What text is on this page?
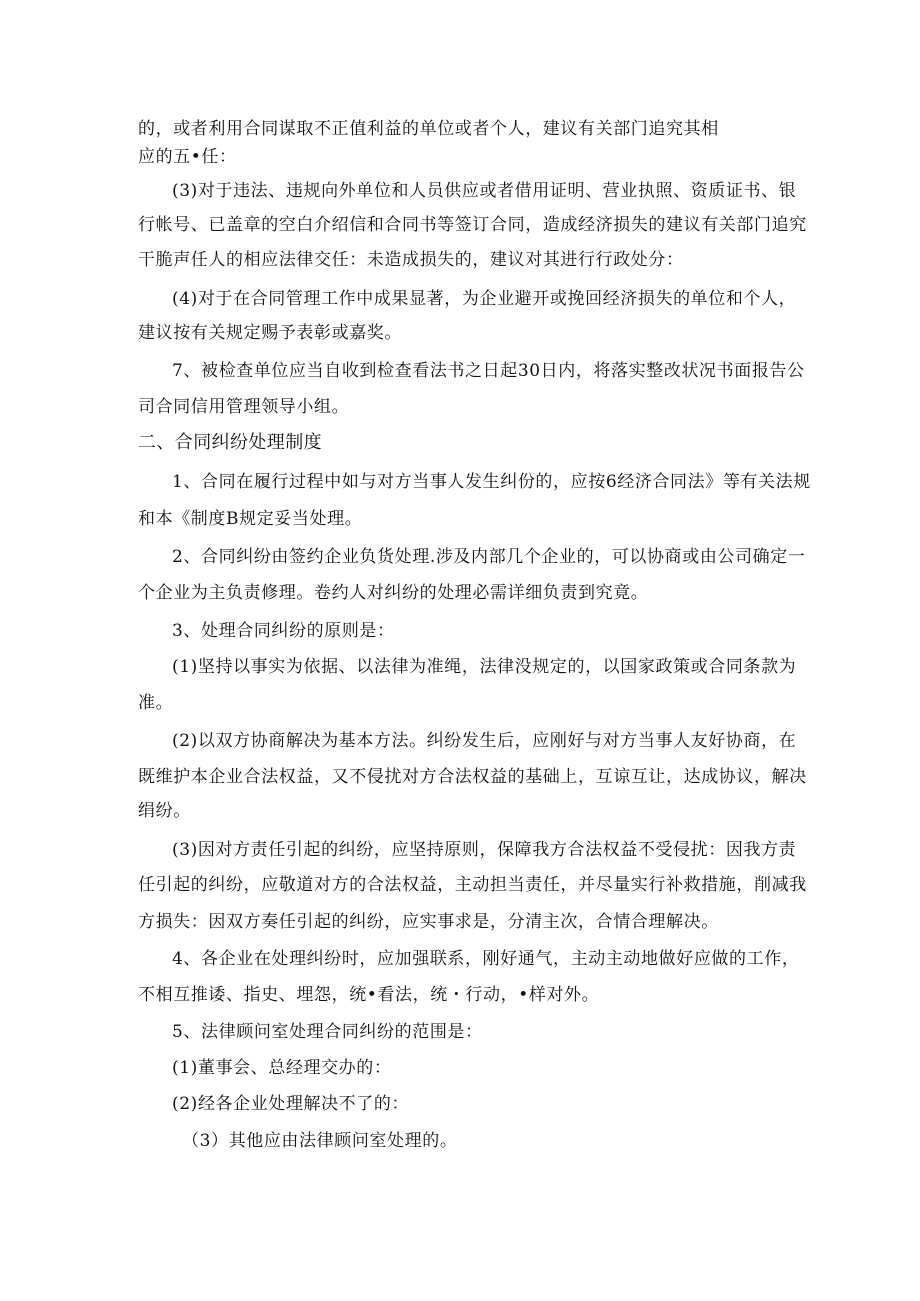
的，或者利用合同谋取不正值利益的单位或者个人，建议有关部门追究其相
应的五•任：
(3)对于违法、违规向外单位和人员供应或者借用证明、营业执照、资质证书、银
行帐号、已盖章的空白介绍信和合同书等签订合同，造成经济损失的建议有关部门追究
干脆声任人的相应法律交任：未造成损失的，建议对其进行行政处分：
(4)对于在合同管理工作中成果显著，为企业避开或挽回经济损失的单位和个人，
建议按有关规定赐予表彰或嘉奖。
7、被检查单位应当自收到检查看法书之日起30日内，将落实整改状况书面报告公
司合同信用管理领导小组。
二、合同纠纷处理制度
1、合同在履行过程中如与对方当事人发生纠份的，应按6经济合同法》等有关法规
和本《制度B规定妥当处理。
2、合同纠纷由签约企业负货处理.涉及内部几个企业的，可以协商或由公司确定一
个企业为主负责修理。卷约人对纠纷的处理必需详细负责到究竟。
3、处理合同纠纷的原则是：
(1)坚持以事实为依据、以法律为准绳，法律没规定的，以国家政策或合同条款为
准。
(2)以双方协商解决为基本方法。纠纷发生后，应刚好与对方当事人友好协商，在
既维护本企业合法权益，又不侵扰对方合法权益的基础上，互谅互让，达成协议，解决
绢纷。
(3)因对方责任引起的纠纷，应坚持原则，保障我方合法权益不受侵扰：因我方责
任引起的纠纷，应敬道对方的合法权益，主动担当责任，并尽量实行补救措施，削减我
方损失：因双方奏任引起的纠纷，应实事求是，分清主次，合情合理解决。
4、各企业在处理纠纷时，应加强联系，刚好通气，主动主动地做好应做的工作，
不相互推诿、指史、埋怨，统•看法，统・行动，•样对外。
5、法律顾问室处理合同纠纷的范围是：
(1)董事会、总经理交办的：
(2)经各企业处理解决不了的：
（3）其他应由法律顾问室处理的。
